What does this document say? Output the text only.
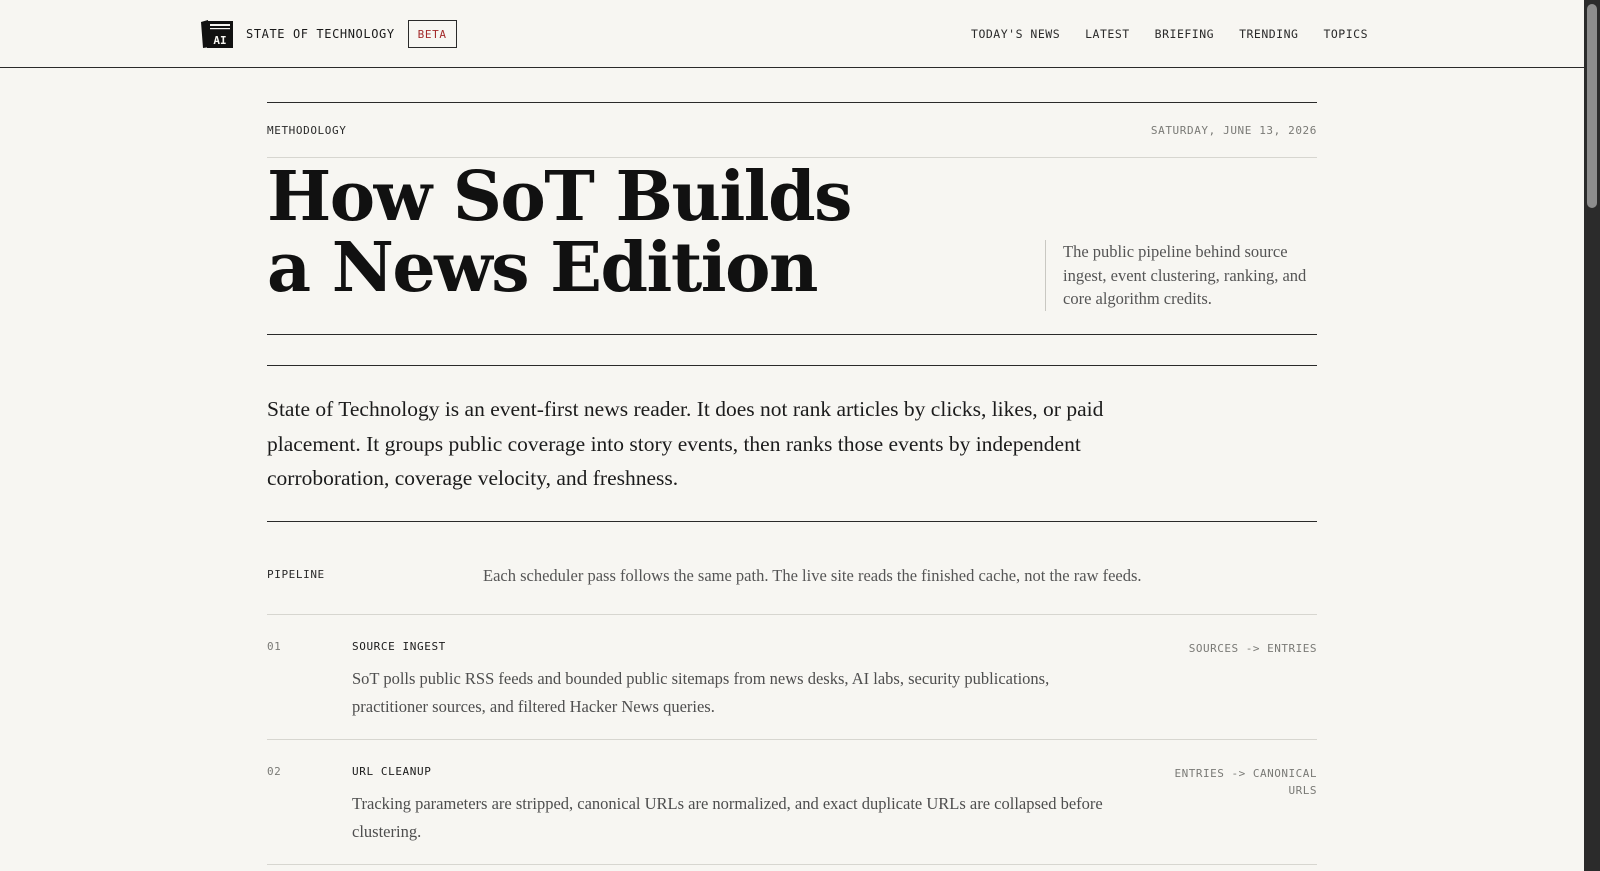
AI STATE OF TECHNOLOGY	BETA	TODAY'S NEWS LATEST BRIEFING TRENDING TOPICS
METHODOLOGY	SATURDAY, JUNE 13, 2026
How SoT Builds
a News Edition	The public pipeline behind source ingest, event clustering, ranking, and core algorithm credits.

State of Technology is an event-first news reader. It does not rank articles by clicks, likes, or paid placement. It groups public coverage into story events, then ranks those events by independent corroboration, coverage velocity, and freshness.

PIPELINE	Each scheduler pass follows the same path. The live site reads the finished cache, not the raw feeds.

01	SOURCE INGEST	SOURCES -> ENTRIES

SoT polls public RSS feeds and bounded public sitemaps from news desks, AI labs, security publications, practitioner sources, and filtered Hacker News queries.

02	URL CLEANUP	ENTRIES -> CANONICAL URLS

Tracking parameters are stripped, canonical URLs are normalized, and exact duplicate URLs are collapsed before clustering.
